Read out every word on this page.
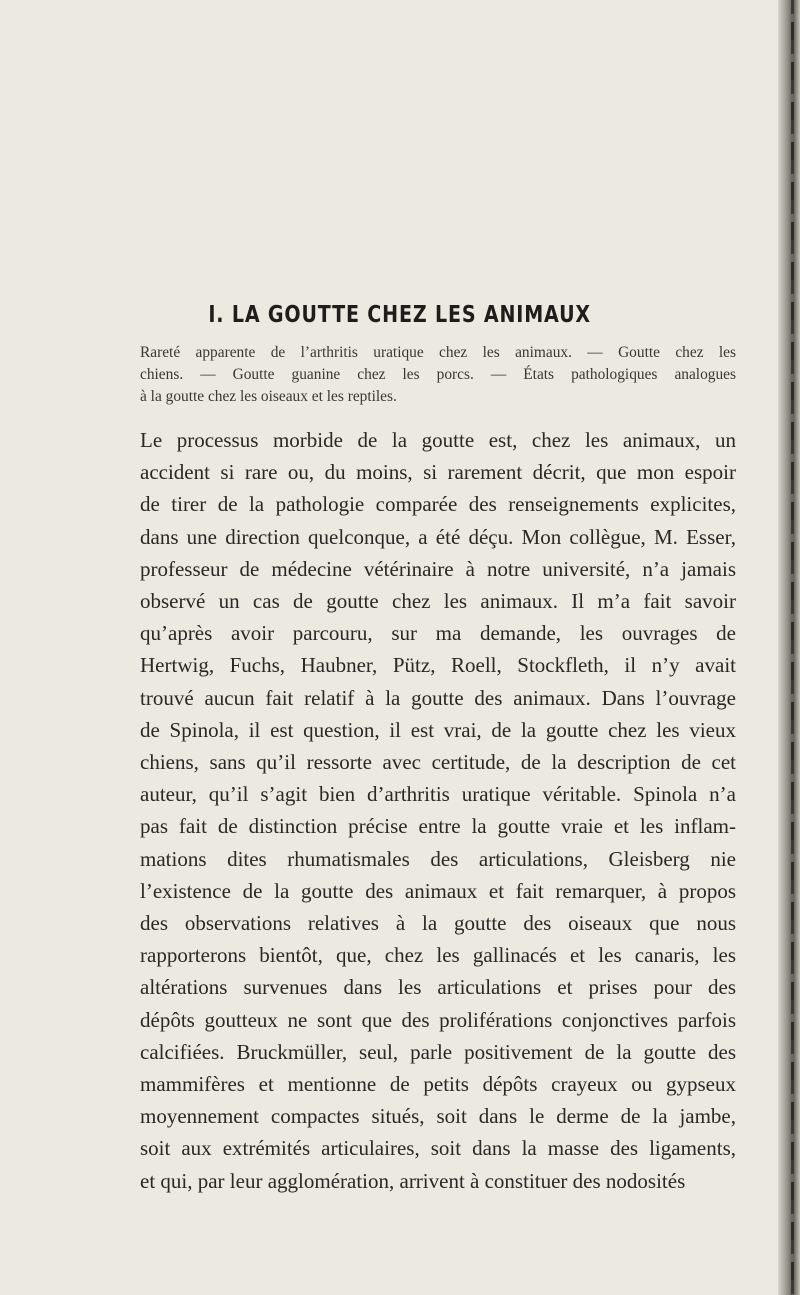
I. LA GOUTTE CHEZ LES ANIMAUX

Rareté apparente de l’arthritis uratique chez les animaux. — Goutte chez les
chiens. — Goutte guanine chez les porcs. — États pathologiques analogues
à la goutte chez les oiseaux et les reptiles.

Le processus morbide de la goutte est, chez les animaux, un
accident si rare ou, du moins, si rarement décrit, que mon espoir
de tirer de la pathologie comparée des renseignements explicites,
dans une direction quelconque, a été déçu. Mon collègue, M. Esser,
professeur de médecine vétérinaire à notre université, n’a jamais
observé un cas de goutte chez les animaux. Il m’a fait savoir
qu’après avoir parcouru, sur ma demande, les ouvrages de
Hertwig, Fuchs, Haubner, Pütz, Roell, Stockfleth, il n’y avait
trouvé aucun fait relatif à la goutte des animaux. Dans l’ouvrage
de Spinola, il est question, il est vrai, de la goutte chez les vieux
chiens, sans qu’il ressorte avec certitude, de la description de cet
auteur, qu’il s’agit bien d’arthritis uratique véritable. Spinola n’a
pas fait de distinction précise entre la goutte vraie et les inflam-
mations dites rhumatismales des articulations, Gleisberg nie
l’existence de la goutte des animaux et fait remarquer, à propos
des observations relatives à la goutte des oiseaux que nous
rapporterons bientôt, que, chez les gallinacés et les canaris, les
altérations survenues dans les articulations et prises pour des
dépôts goutteux ne sont que des proliférations conjonctives parfois
calcifiées. Bruckmüller, seul, parle positivement de la goutte des
mammifères et mentionne de petits dépôts crayeux ou gypseux
moyennement compactes situés, soit dans le derme de la jambe,
soit aux extrémités articulaires, soit dans la masse des ligaments,
et qui, par leur agglomération, arrivent à constituer des nodosités
